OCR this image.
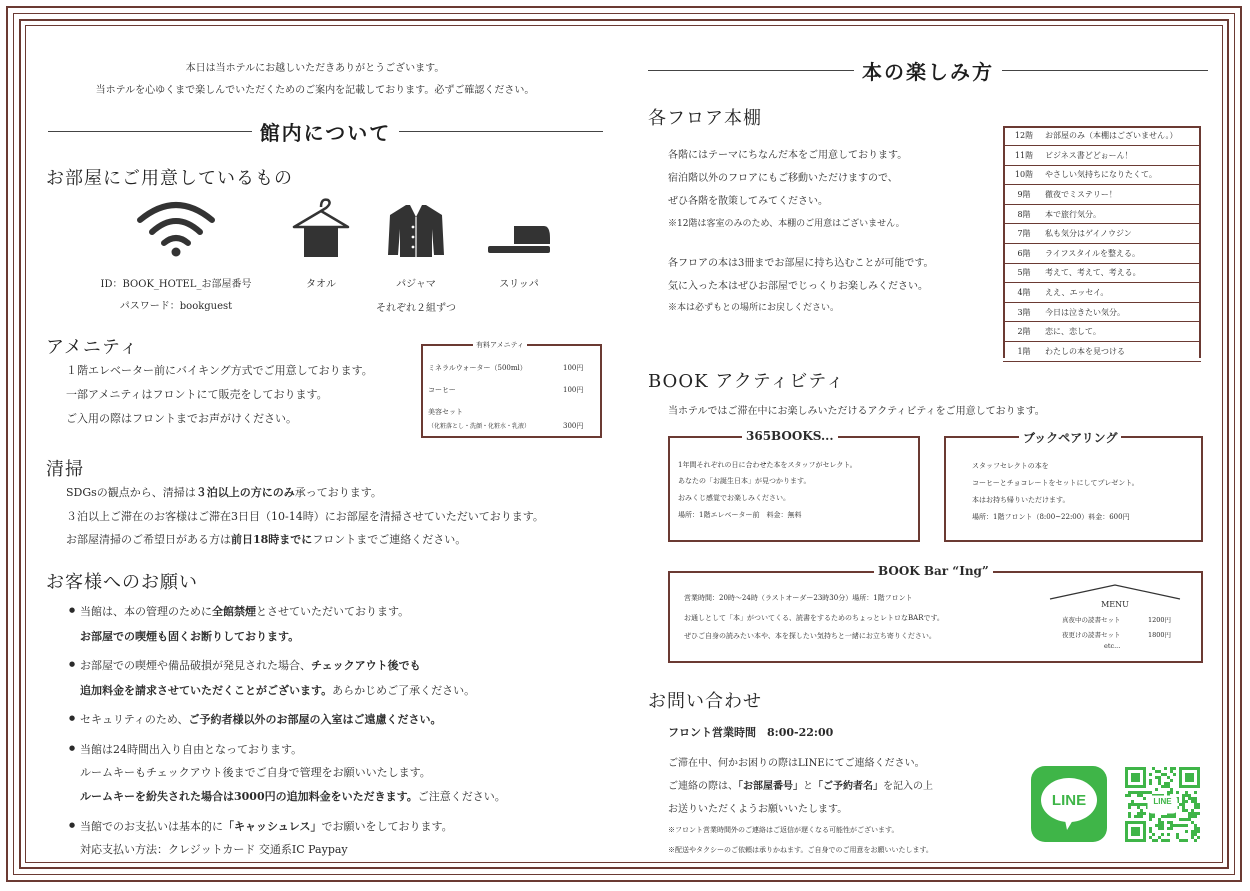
本日は当ホテルにお越しいただきありがとうございます。
当ホテルを心ゆくまで楽しんでいただくためのご案内を記載しております。必ずご確認ください。
館内について
お部屋にご用意しているもの
ID：BOOK_HOTEL_お部屋番号
パスワード：bookguest
タオル	パジャマ	スリッパ
それぞれ２組ずつ
アメニティ
１階エレベーター前にバイキング方式でご用意しております。
一部アメニティはフロントにて販売をしております。
ご入用の際はフロントまでお声がけください。
有料アメニティ
ミネラルウォーター（500ml）	100円
コーヒー	100円
美容セット
（化粧落とし・洗顔・化粧水・乳液）	300円
清掃
SDGsの観点から、清掃は３泊以上の方にのみ承っております。
３泊以上ご滞在のお客様はご滞在3日目（10-14時）にお部屋を清掃させていただいております。
お部屋清掃のご希望日がある方は前日18時までにフロントまでご連絡ください。
お客様へのお願い
● 当館は、本の管理のために全館禁煙とさせていただいております。
お部屋での喫煙も固くお断りしております。
● お部屋での喫煙や備品破損が発見された場合、チェックアウト後でも
追加料金を請求させていただくことがございます。あらかじめご了承ください。
● セキュリティのため、ご予約者様以外のお部屋の入室はご遠慮ください。
● 当館は24時間出入り自由となっております。
ルームキーもチェックアウト後までご自身で管理をお願いいたします。
ルームキーを紛失された場合は3000円の追加料金をいただきます。ご注意ください。
● 当館でのお支払いは基本的に「キャッシュレス」でお願いをしております。
対応支払い方法：クレジットカード 交通系IC Paypay
本の楽しみ方
各フロア本棚
各階にはテーマにちなんだ本をご用意しております。
宿泊階以外のフロアにもご移動いただけますので、
ぜひ各階を散策してみてください。
※12階は客室のみのため、本棚のご用意はございません。
各フロアの本は3冊までお部屋に持ち込むことが可能です。
気に入った本はぜひお部屋でじっくりお楽しみください。
※本は必ずもとの場所にお戻しください。
12階	お部屋のみ（本棚はございません。）
11階	ビジネス書どどぉーん！
10階	やさしい気持ちになりたくて。
9階	徹夜でミステリー！
8階	本で旅行気分。
7階	私も気分はゲイノウジン
6階	ライフスタイルを整える。
5階	考えて、考えて、考える。
4階	ええ、エッセイ。
3階	今日は泣きたい気分。
2階	恋に、恋して。
1階	わたしの本を見つける
BOOK アクティビティ
当ホテルではご滞在中にお楽しみいただけるアクティビティをご用意しております。
365BOOKS...
1年間それぞれの日に合わせた本をスタッフがセレクト。
あなたの「お誕生日本」が見つかります。
おみくじ感覚でお楽しみください。
場所：1階エレベーター前　料金：無料
ブックペアリング
スタッフセレクトの本を
コーヒーとチョコレートをセットにしてプレゼント。
本はお持ち帰りいただけます。
場所：1階フロント（8:00~22:00）料金：600円
BOOK Bar “Ing”
営業時間：20時～24時（ラストオーダー23時30分）場所：1階フロント
お通しとして「本」がついてくる、読書をするためのちょっとレトロなBARです。
ぜひご自身の読みたい本や、本を探したい気持ちと一緒にお立ち寄りください。
MENU
真夜中の読書セット	1200円
夜更けの読書セット	1800円
etc...
お問い合わせ
フロント営業時間　8:00-22:00
ご滞在中、何かお困りの際はLINEにてご連絡ください。
ご連絡の際は、「お部屋番号」と「ご予約者名」を記入の上
お送りいただくようお願いいたします。
※フロント営業時間外のご連絡はご返信が遅くなる可能性がございます。
※配送やタクシーのご依頼は承りかねます。ご自身でのご用意をお願いいたします。
LINE	LINE
